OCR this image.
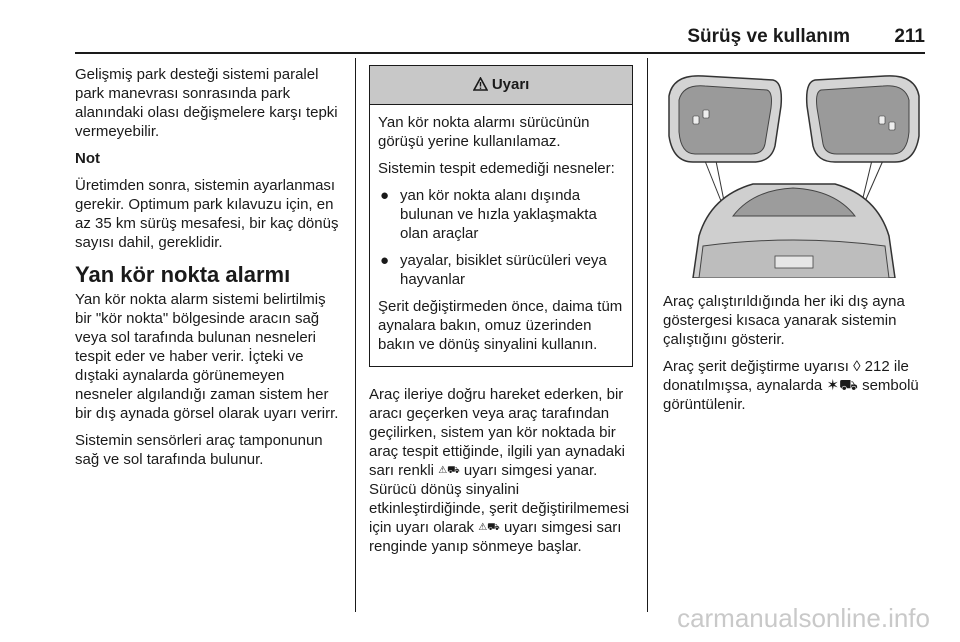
Sürüş ve kullanım 211

Gelişmiş park desteği sistemi paralel park manevrası sonrasında park alanındaki olası değişmelere karşı tepki vermeyebilir.

Not

Üretimden sonra, sistemin ayarlanması gerekir. Optimum park kılavuzu için, en az 35 km sürüş mesafesi, bir kaç dönüş sayısı dahil, gereklidir.

Yan kör nokta alarmı

Yan kör nokta alarm sistemi belirtilmiş bir "kör nokta" bölgesinde aracın sağ veya sol tarafında bulunan nesneleri tespit eder ve haber verir. İçteki ve dıştaki aynalarda görünemeyen nesneler algılandığı zaman sistem her bir dış aynada görsel olarak uyarı verirr.

Sistemin sensörleri araç tamponunun sağ ve sol tarafında bulunur.

Uyarı

Yan kör nokta alarmı sürücünün görüşü yerine kullanılamaz.

Sistemin tespit edemediği nesneler:

● yan kör nokta alanı dışında bulunan ve hızla yaklaşmakta olan araçlar
● yayalar, bisiklet sürücüleri veya hayvanlar

Şerit değiştirmeden önce, daima tüm aynalara bakın, omuz üzerinden bakın ve dönüş sinyalini kullanın.

Araç ileriye doğru hareket ederken, bir aracı geçerken veya araç tarafından geçilirken, sistem yan kör noktada bir araç tespit ettiğinde, ilgili yan aynadaki sarı renkli ⚠︎⛟ uyarı simgesi yanar. Sürücü dönüş sinyalini etkinleştirdiğinde, şerit değiştirilmemesi için uyarı olarak ⚠︎⛟ uyarı simgesi sarı renginde yanıp sönmeye başlar.

Araç çalıştırıldığında her iki dış ayna göstergesi kısaca yanarak sistemin çalıştığını gösterir.

Araç şerit değiştirme uyarısı ◊ 212 ile donatılmışsa, aynalarda ✶⛟ sembolü görüntülenir.

carmanualsonline.info
